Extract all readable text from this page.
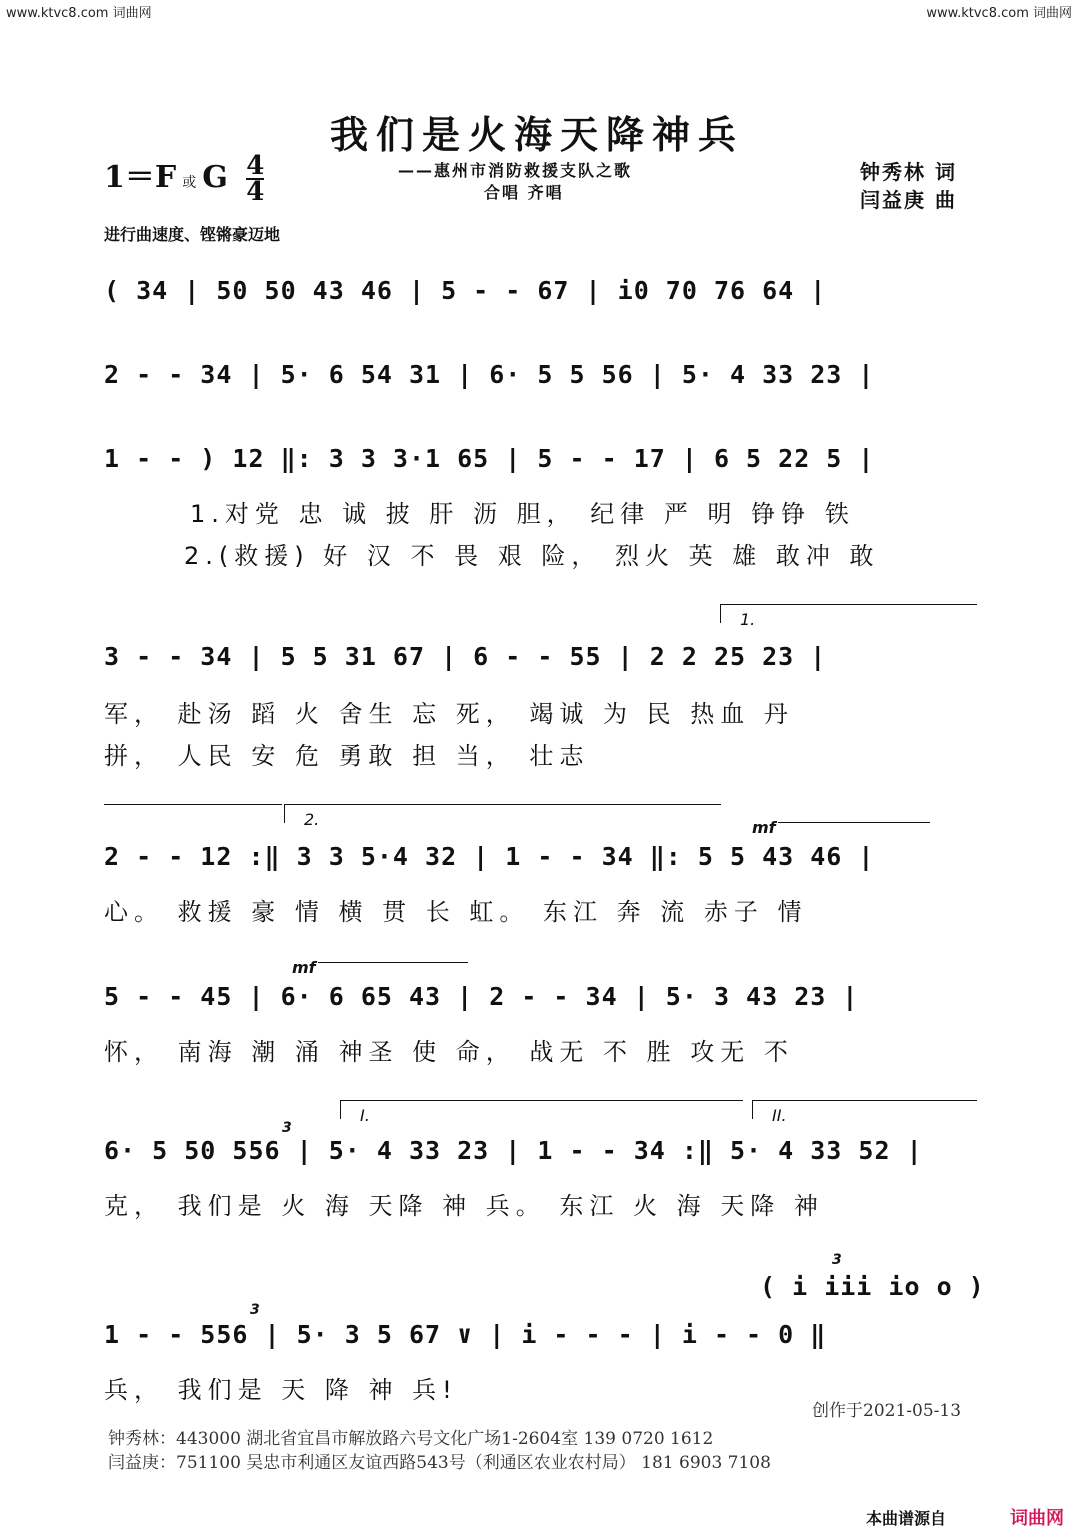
www.ktvc8.com 词曲网	www.ktvc8.com 词曲网
我们是火海天降神兵
——惠州市消防救援支队之歌
合唱 齐唱
1＝F 或 G $\frac{4}{4}$	钟秀林 词
闫益庚 曲
进行曲速度、铿锵豪迈地
( 34 | 50 50 43 46 | 5 - - 67 | i0 70 76 64 |
2 - - 34 | 5· 6 54 31 | 6· 5 5 56 | 5· 4 33 23 |
1 - - ) 12 ‖: 3 3 3·1 65 | 5 - - 17 | 6 5 22 5 |
1.对党 忠 诚 披 肝 沥 胆， 纪律 严 明 铮铮 铁
2.(救援) 好 汉 不 畏 艰 险， 烈火 英 雄 敢冲 敢
1.
3 - - 34 | 5 5 31 67 | 6 - - 55 | 2 2 25 23 |
军， 赴汤 蹈 火 舍生 忘 死， 竭诚 为 民 热血 丹
拼， 人民 安 危 勇敢 担 当， 壮志
2.	mf
2 - - 12 :‖ 3 3 5·4 32 | 1 - - 34 ‖: 5 5 43 46 |
心。 救援 豪 情 横 贯 长 虹。 东江 奔 流 赤子 情
mf
5 - - 45 | 6· 6 65 43 | 2 - - 34 | 5· 3 43 23 |
怀， 南海 潮 涌 神圣 使 命， 战无 不 胜 攻无 不
I.	II.
3
6· 5 50 556 | 5· 4 33 23 | 1 - - 34 :‖ 5· 4 33 52 |
克， 我们是 火 海 天降 神 兵。 东江 火 海 天降 神
( i iii io o )
3
3
1 - - 556 | 5· 3 5 67 ∨ | i - - - | i - - 0 ‖
兵， 我们是 天 降 神 兵!
创作于2021-05-13
钟秀林：443000 湖北省宜昌市解放路六号文化广场1-2604室 139 0720 1612
闫益庚：751100 吴忠市利通区友谊西路543号（利通区农业农村局） 181 6903 7108
本曲谱源自	词曲网
